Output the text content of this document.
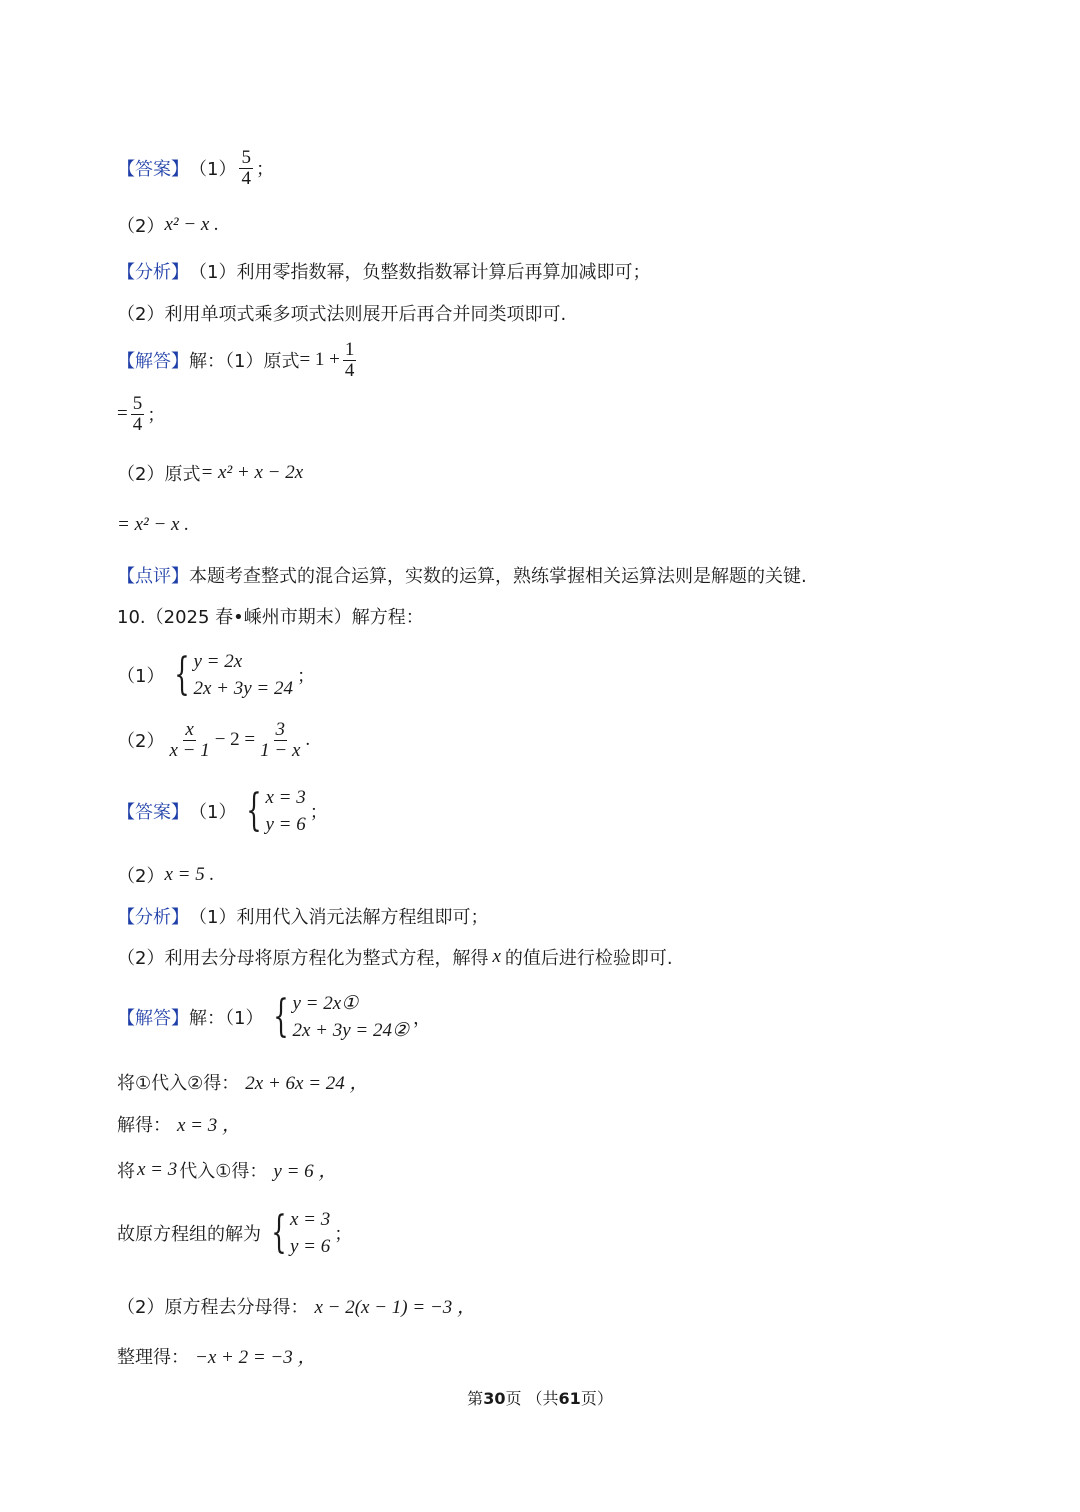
【答案】 $(1) \frac{5}{4}$ ；
（2） x² − x .
【分析】 （1）利用零指数幂，负整数指数幂计算后再算加减即可；
（2）利用单项式乘多项式法则展开后再合并同类项即可.
【解答】 解：（1）原式 = $1 + \frac{1}{4}$
= $\frac{5}{4}$ ；
（2）原式 = x² + x − 2x
= x² − x .
【点评】 本题考查整式的混合运算，实数的运算，熟练掌握相关运算法则是解题的关键.
10.（2025 春•嵊州市期末）解方程：
（1） { y = 2x
2x + 3y = 24
；
$(2) \frac{x}{x - 1} - 2 = \frac{3}{1 - x}$ .
【答案】 （1） { x = 3
y = 6
；
（2） x = 5 .
【分析】 （1）利用代入消元法解方程组即可；
（2）利用去分母将原方程化为整式方程，解得 x 的值后进行检验即可.
【解答】 解：（1） { y = 2x①
2x + 3y = 24②
，
将①代入②得： 2x + 6x = 24 ，
解得： x = 3 ，
将 x = 3 代入①得： y = 6 ，
故原方程组的解为 { x = 3
y = 6
；
（2）原方程去分母得： x − 2(x − 1) = −3 ，
整理得： −x + 2 = −3 ，
第30页 （共61页）
